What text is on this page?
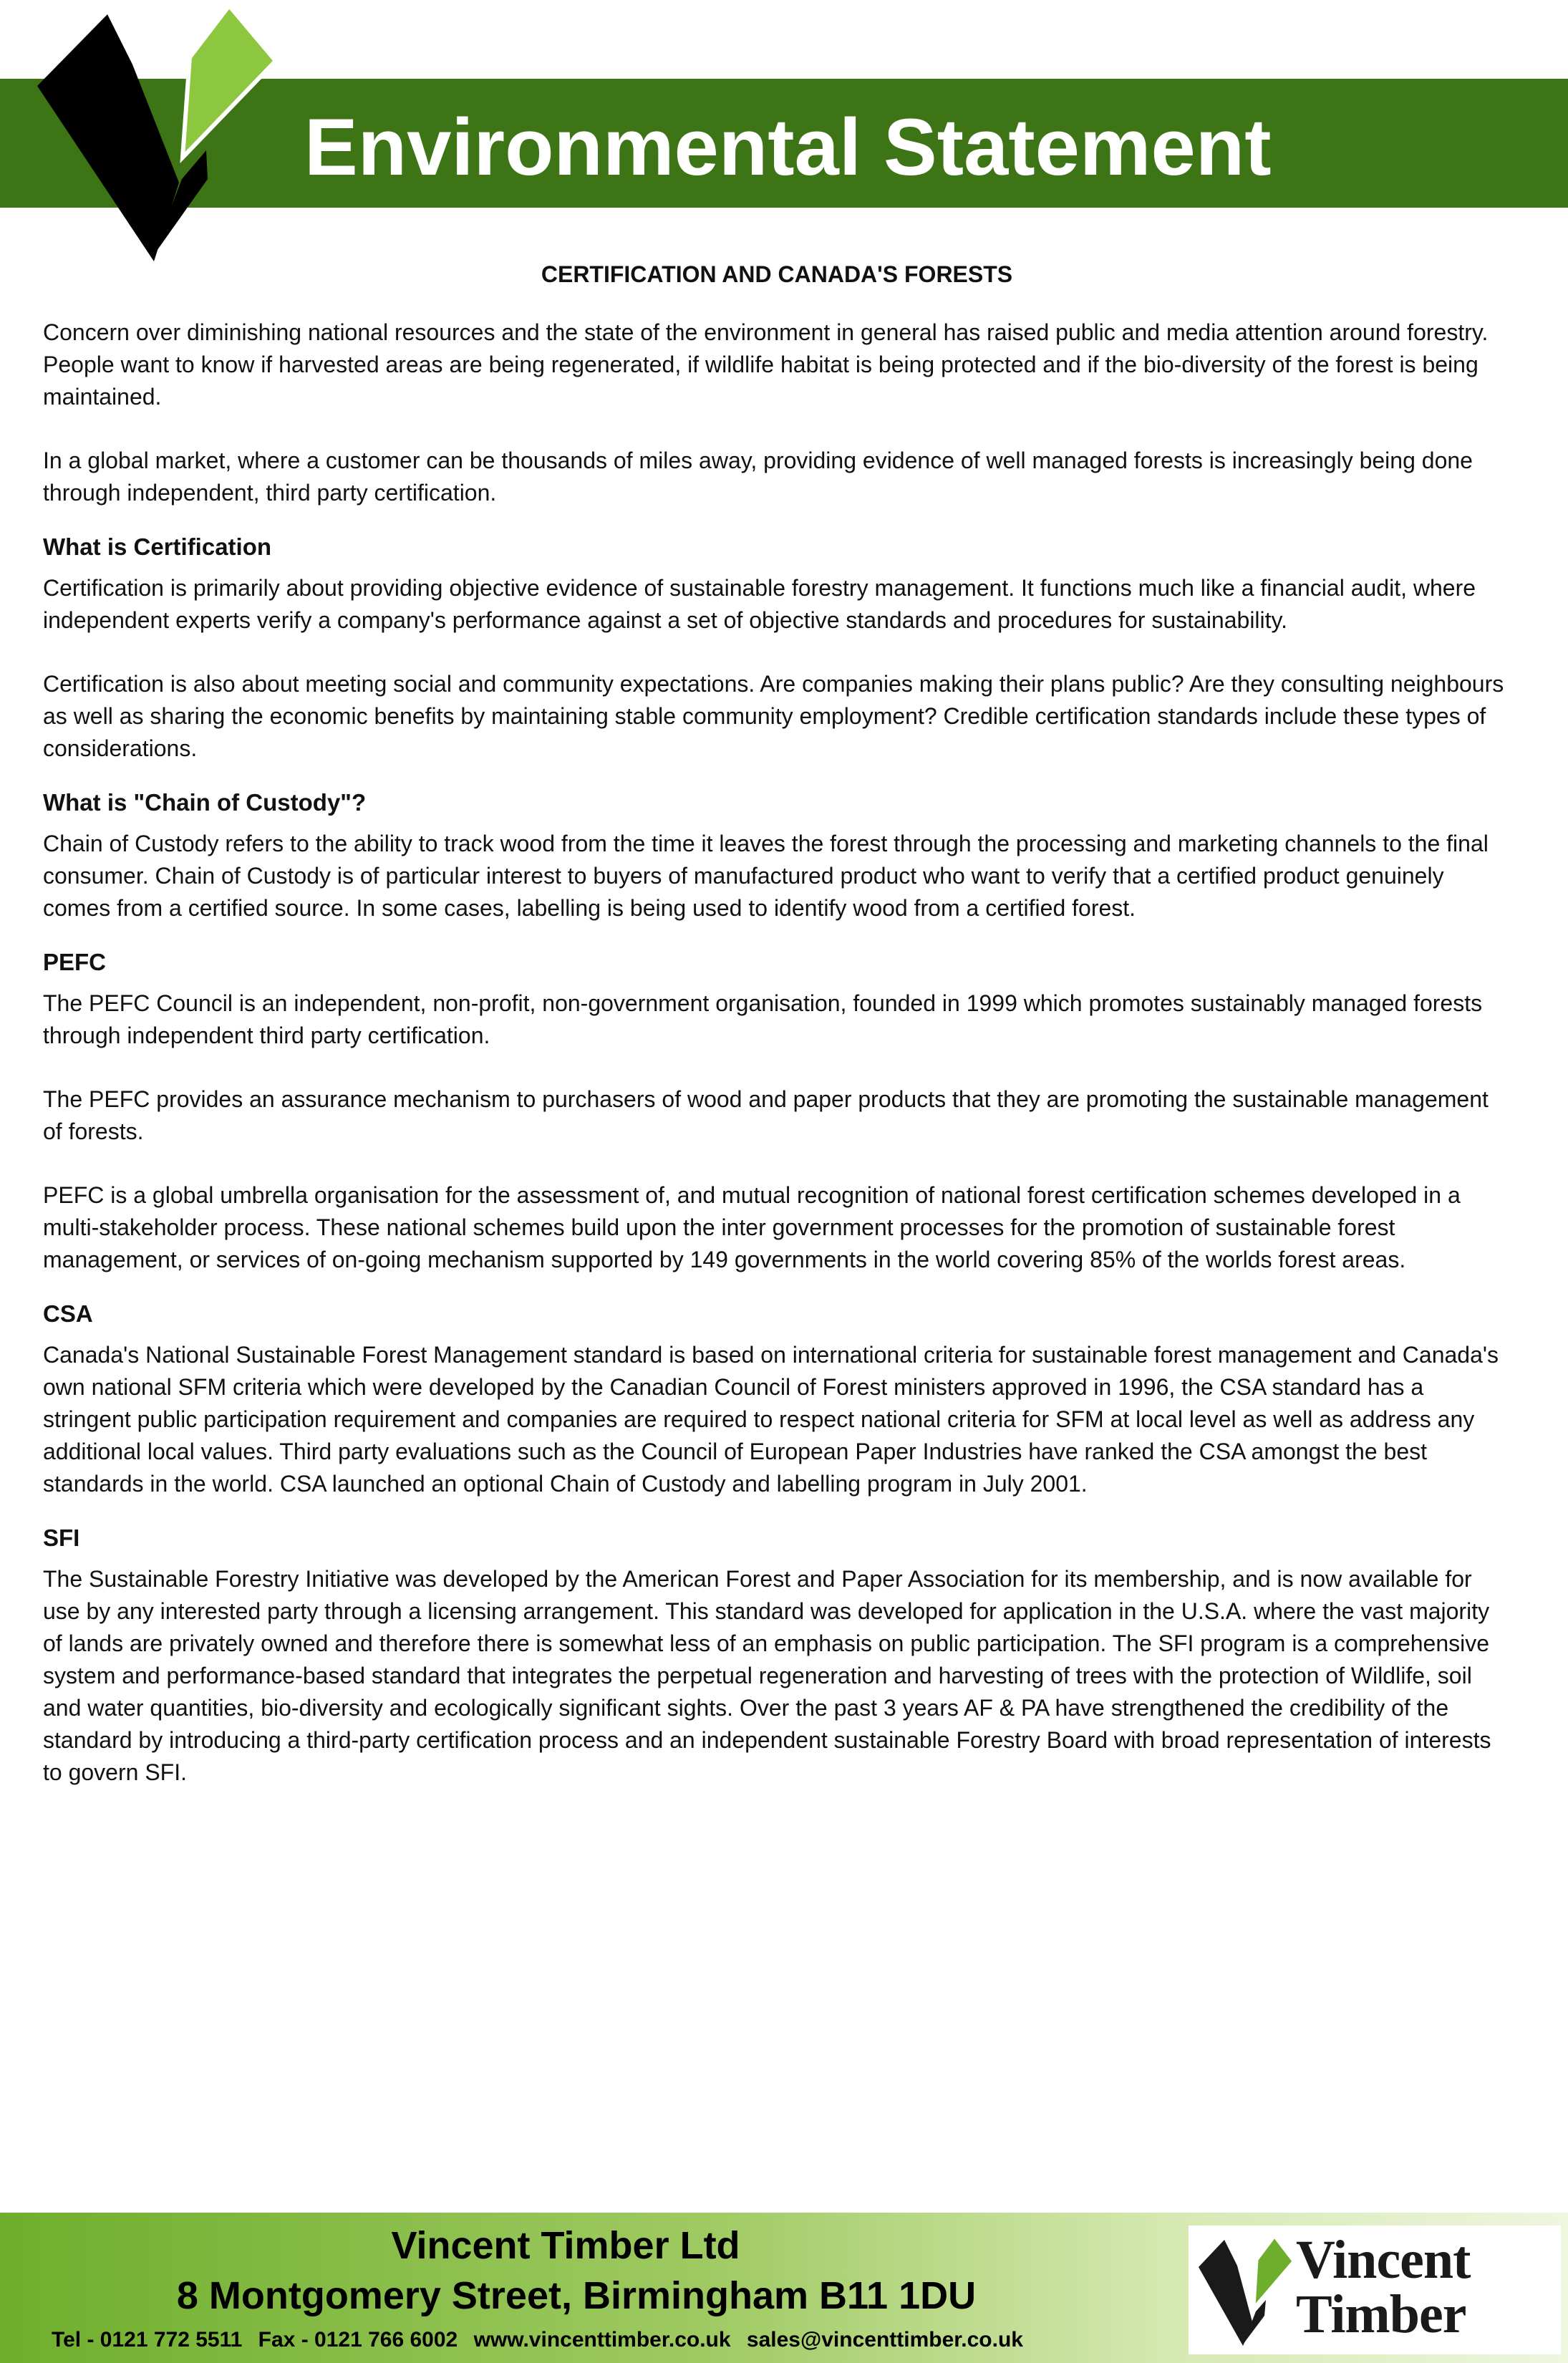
Environmental Statement

CERTIFICATION AND CANADA'S FORESTS

Concern over diminishing national resources and the state of the environment in general has raised public and media attention around forestry. People want to know if harvested areas are being regenerated, if wildlife habitat is being protected and if the bio-diversity of the forest is being maintained.

In a global market, where a customer can be thousands of miles away, providing evidence of well managed forests is increasingly being done through independent, third party certification.

What is Certification

Certification is primarily about providing objective evidence of sustainable forestry management. It functions much like a financial audit, where independent experts verify a company's performance against a set of objective standards and procedures for sustainability.

Certification is also about meeting social and community expectations. Are companies making their plans public? Are they consulting neighbours as well as sharing the economic benefits by maintaining stable community employment? Credible certification standards include these types of considerations.

What is "Chain of Custody"?

Chain of Custody refers to the ability to track wood from the time it leaves the forest through the processing and marketing channels to the final consumer. Chain of Custody is of particular interest to buyers of manufactured product who want to verify that a certified product genuinely comes from a certified source. In some cases, labelling is being used to identify wood from a certified forest.

PEFC

The PEFC Council is an independent, non-profit, non-government organisation, founded in 1999 which promotes sustainably managed forests through independent third party certification.

The PEFC provides an assurance mechanism to purchasers of wood and paper products that they are promoting the sustainable management of forests.

PEFC is a global umbrella organisation for the assessment of, and mutual recognition of national forest certification schemes developed in a multi-stakeholder process. These national schemes build upon the inter government processes for the promotion of sustainable forest management, or services of on-going mechanism supported by 149 governments in the world covering 85% of the worlds forest areas.

CSA

Canada's National Sustainable Forest Management standard is based on international criteria for sustainable forest management and Canada's own national SFM criteria which were developed by the Canadian Council of Forest ministers approved in 1996, the CSA standard has a stringent public participation requirement and companies are required to respect national criteria for SFM at local level as well as address any additional local values. Third party evaluations such as the Council of European Paper Industries have ranked the CSA amongst the best standards in the world. CSA launched an optional Chain of Custody and labelling program in July 2001.

SFI

The Sustainable Forestry Initiative was developed by the American Forest and Paper Association for its membership, and is now available for use by any interested party through a licensing arrangement. This standard was developed for application in the U.S.A. where the vast majority of lands are privately owned and therefore there is somewhat less of an emphasis on public participation. The SFI program is a comprehensive system and performance-based standard that integrates the perpetual regeneration and harvesting of trees with the protection of Wildlife, soil and water quantities, bio-diversity and ecologically significant sights. Over the past 3 years AF & PA have strengthened the credibility of the standard by introducing a third-party certification process and an independent sustainable Forestry Board with broad representation of interests to govern SFI.

Vincent Timber Ltd

8 Montgomery Street, Birmingham B11 1DU

Tel - 0121 772 5511 Fax - 0121 766 6002 www.vincenttimber.co.uk sales@vincenttimber.co.uk

Vincent
Timber
